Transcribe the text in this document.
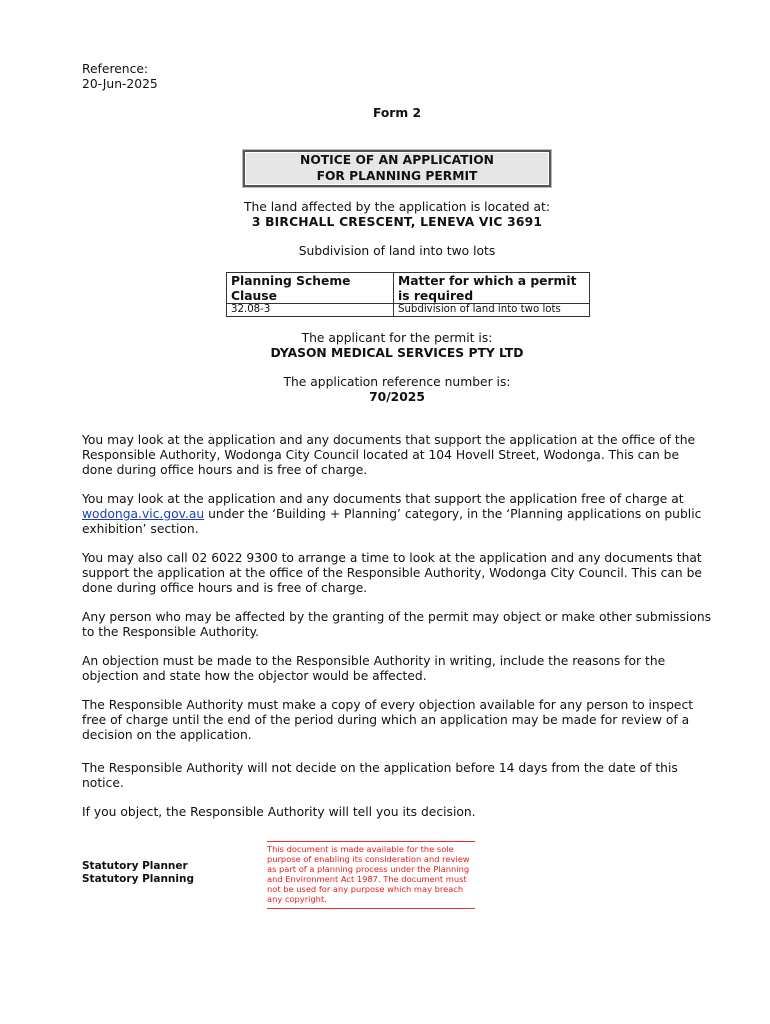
Reference:
20-Jun-2025
Form 2
NOTICE OF AN APPLICATION
FOR PLANNING PERMIT
The land affected by the application is located at:
3 BIRCHALL CRESCENT, LENEVA VIC 3691
Subdivision of land into two lots
Planning Scheme Clause	Matter for which a permit is required
32.08-3	Subdivision of land into two lots
The applicant for the permit is:
DYASON MEDICAL SERVICES PTY LTD
The application reference number is:
70/2025
You may look at the application and any documents that support the application at the office of the Responsible Authority, Wodonga City Council located at 104 Hovell Street, Wodonga. This can be done during office hours and is free of charge.
You may look at the application and any documents that support the application free of charge at wodonga.vic.gov.au under the ‘Building + Planning’ category, in the ‘Planning applications on public exhibition’ section.
You may also call 02 6022 9300 to arrange a time to look at the application and any documents that support the application at the office of the Responsible Authority, Wodonga City Council. This can be done during office hours and is free of charge.
Any person who may be affected by the granting of the permit may object or make other submissions to the Responsible Authority.
An objection must be made to the Responsible Authority in writing, include the reasons for the objection and state how the objector would be affected.
The Responsible Authority must make a copy of every objection available for any person to inspect free of charge until the end of the period during which an application may be made for review of a decision on the application.
The Responsible Authority will not decide on the application before 14 days from the date of this notice.
If you object, the Responsible Authority will tell you its decision.
Statutory Planner
Statutory Planning
This document is made available for the sole purpose of enabling its consideration and review as part of a planning process under the Planning and Environment Act 1987. The document must not be used for any purpose which may breach any copyright.
